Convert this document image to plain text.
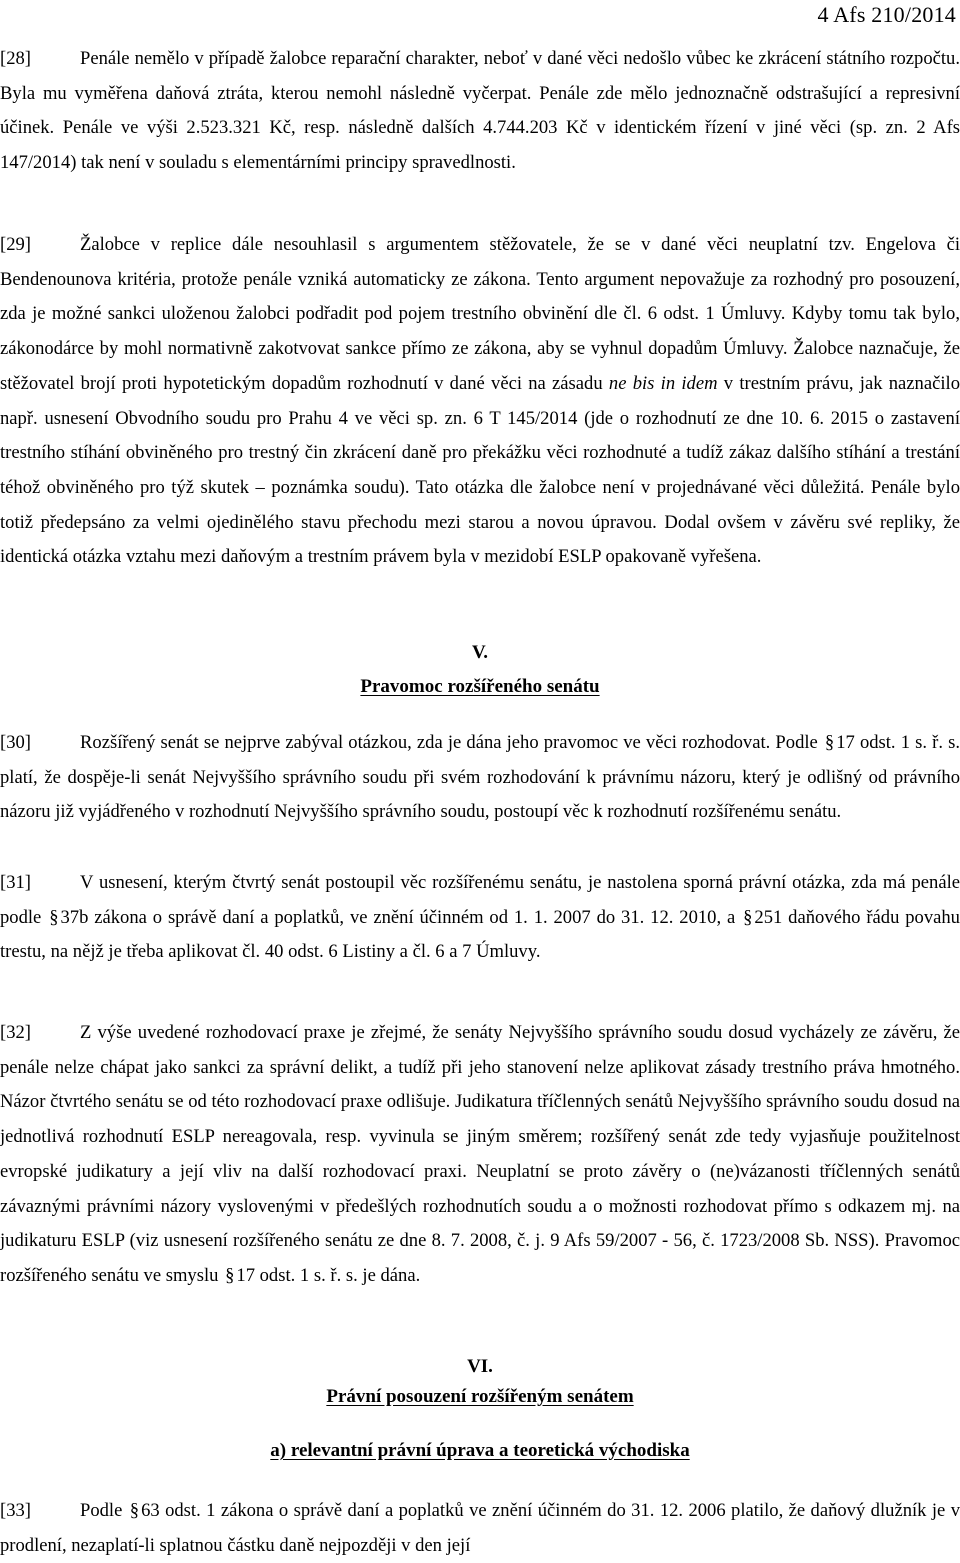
4 Afs 210/2014
[28]	Penále nemělo v případě žalobce reparační charakter, neboť v dané věci nedošlo vůbec ke zkrácení státního rozpočtu. Byla mu vyměřena daňová ztráta, kterou nemohl následně vyčerpat. Penále zde mělo jednoznačně odstrašující a represivní účinek. Penále ve výši 2.523.321 Kč, resp. následně dalších 4.744.203 Kč v identickém řízení v jiné věci (sp. zn. 2 Afs 147/2014) tak není v souladu s elementárními principy spravedlnosti.
[29]	Žalobce v replice dále nesouhlasil s argumentem stěžovatele, že se v dané věci neuplatní tzv. Engelova či Bendenounova kritéria, protože penále vzniká automaticky ze zákona. Tento argument nepovažuje za rozhodný pro posouzení, zda je možné sankci uloženou žalobci podřadit pod pojem trestního obvinění dle čl. 6 odst. 1 Úmluvy. Kdyby tomu tak bylo, zákonodárce by mohl normativně zakotvovat sankce přímo ze zákona, aby se vyhnul dopadům Úmluvy. Žalobce naznačuje, že stěžovatel brojí proti hypotetickým dopadům rozhodnutí v dané věci na zásadu ne bis in idem v trestním právu, jak naznačilo např. usnesení Obvodního soudu pro Prahu 4 ve věci sp. zn. 6 T 145/2014 (jde o rozhodnutí ze dne 10. 6. 2015 o zastavení trestního stíhání obviněného pro trestný čin zkrácení daně pro překážku věci rozhodnuté a tudíž zákaz dalšího stíhání a trestání téhož obviněného pro týž skutek – poznámka soudu). Tato otázka dle žalobce není v projednávané věci důležitá. Penále bylo totiž předepsáno za velmi ojedinělého stavu přechodu mezi starou a novou úpravou. Dodal ovšem v závěru své repliky, že identická otázka vztahu mezi daňovým a trestním právem byla v mezidobí ESLP opakovaně vyřešena.
V.
Pravomoc rozšířeného senátu
[30]	Rozšířený senát se nejprve zabýval otázkou, zda je dána jeho pravomoc ve věci rozhodovat. Podle § 17 odst. 1 s. ř. s. platí, že dospěje-li senát Nejvyššího správního soudu při svém rozhodování k právnímu názoru, který je odlišný od právního názoru již vyjádřeného v rozhodnutí Nejvyššího správního soudu, postoupí věc k rozhodnutí rozšířenému senátu.
[31]	V usnesení, kterým čtvrtý senát postoupil věc rozšířenému senátu, je nastolena sporná právní otázka, zda má penále podle § 37b zákona o správě daní a poplatků, ve znění účinném od 1. 1. 2007 do 31. 12. 2010, a § 251 daňového řádu povahu trestu, na nějž je třeba aplikovat čl. 40 odst. 6 Listiny a čl. 6 a 7 Úmluvy.
[32]	Z výše uvedené rozhodovací praxe je zřejmé, že senáty Nejvyššího správního soudu dosud vycházely ze závěru, že penále nelze chápat jako sankci za správní delikt, a tudíž při jeho stanovení nelze aplikovat zásady trestního práva hmotného. Názor čtvrtého senátu se od této rozhodovací praxe odlišuje. Judikatura tříčlenných senátů Nejvyššího správního soudu dosud na jednotlivá rozhodnutí ESLP nereagovala, resp. vyvinula se jiným směrem; rozšířený senát zde tedy vyjasňuje použitelnost evropské judikatury a její vliv na další rozhodovací praxi. Neuplatní se proto závěry o (ne)vázanosti tříčlenných senátů závaznými právními názory vyslovenými v předešlých rozhodnutích soudu a o možnosti rozhodovat přímo s odkazem mj. na judikaturu ESLP (viz usnesení rozšířeného senátu ze dne 8. 7. 2008, č. j. 9 Afs 59/2007 - 56, č. 1723/2008 Sb. NSS). Pravomoc rozšířeného senátu ve smyslu § 17 odst. 1 s. ř. s. je dána.
VI.
Právní posouzení rozšířeným senátem
a) relevantní právní úprava a teoretická východiska
[33]	Podle § 63 odst. 1 zákona o správě daní a poplatků ve znění účinném do 31. 12. 2006 platilo, že daňový dlužník je v prodlení, nezaplatí-li splatnou částku daně nejpozději v den její
